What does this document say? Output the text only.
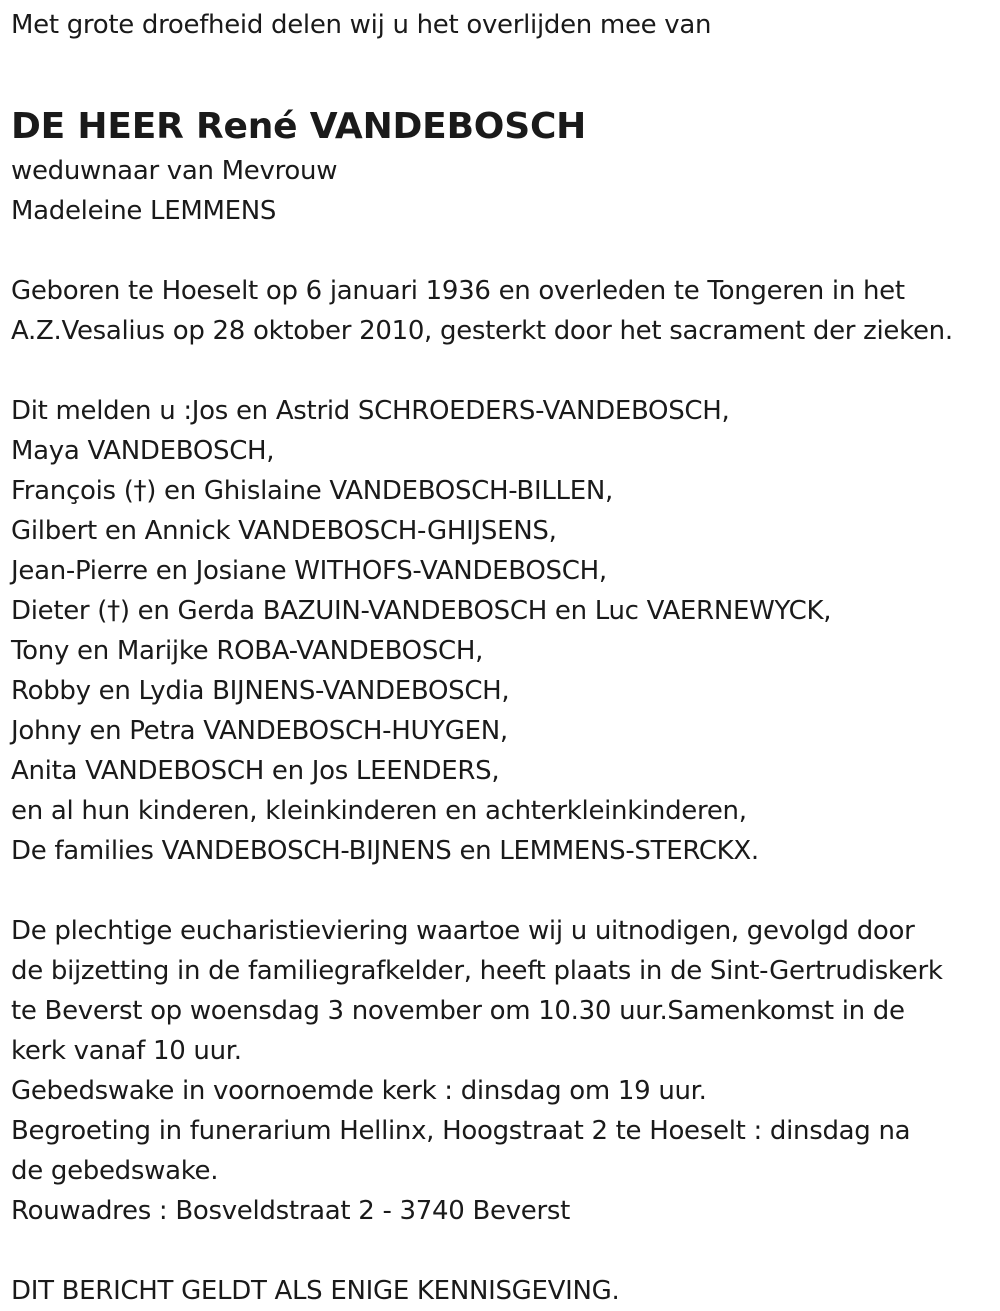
Met grote droefheid delen wij u het overlijden mee van
DE HEER René VANDEBOSCH
weduwnaar van Mevrouw
Madeleine LEMMENS
Geboren te Hoeselt op 6 januari 1936 en overleden te Tongeren in het
A.Z.Vesalius op 28 oktober 2010, gesterkt door het sacrament der zieken.
Dit melden u :Jos en Astrid SCHROEDERS-VANDEBOSCH,
Maya VANDEBOSCH,
François (†) en Ghislaine VANDEBOSCH-BILLEN,
Gilbert en Annick VANDEBOSCH-GHIJSENS,
Jean-Pierre en Josiane WITHOFS-VANDEBOSCH,
Dieter (†) en Gerda BAZUIN-VANDEBOSCH en Luc VAERNEWYCK,
Tony en Marijke ROBA-VANDEBOSCH,
Robby en Lydia BIJNENS-VANDEBOSCH,
Johny en Petra VANDEBOSCH-HUYGEN,
Anita VANDEBOSCH en Jos LEENDERS,
en al hun kinderen, kleinkinderen en achterkleinkinderen,
De families VANDEBOSCH-BIJNENS en LEMMENS-STERCKX.
De plechtige eucharistieviering waartoe wij u uitnodigen, gevolgd door
de bijzetting in de familiegrafkelder, heeft plaats in de Sint-Gertrudiskerk
te Beverst op woensdag 3 november om 10.30 uur.Samenkomst in de
kerk vanaf 10 uur.
Gebedswake in voornoemde kerk : dinsdag om 19 uur.
Begroeting in funerarium Hellinx, Hoogstraat 2 te Hoeselt : dinsdag na
de gebedswake.
Rouwadres : Bosveldstraat 2 - 3740 Beverst
DIT BERICHT GELDT ALS ENIGE KENNISGEVING.
